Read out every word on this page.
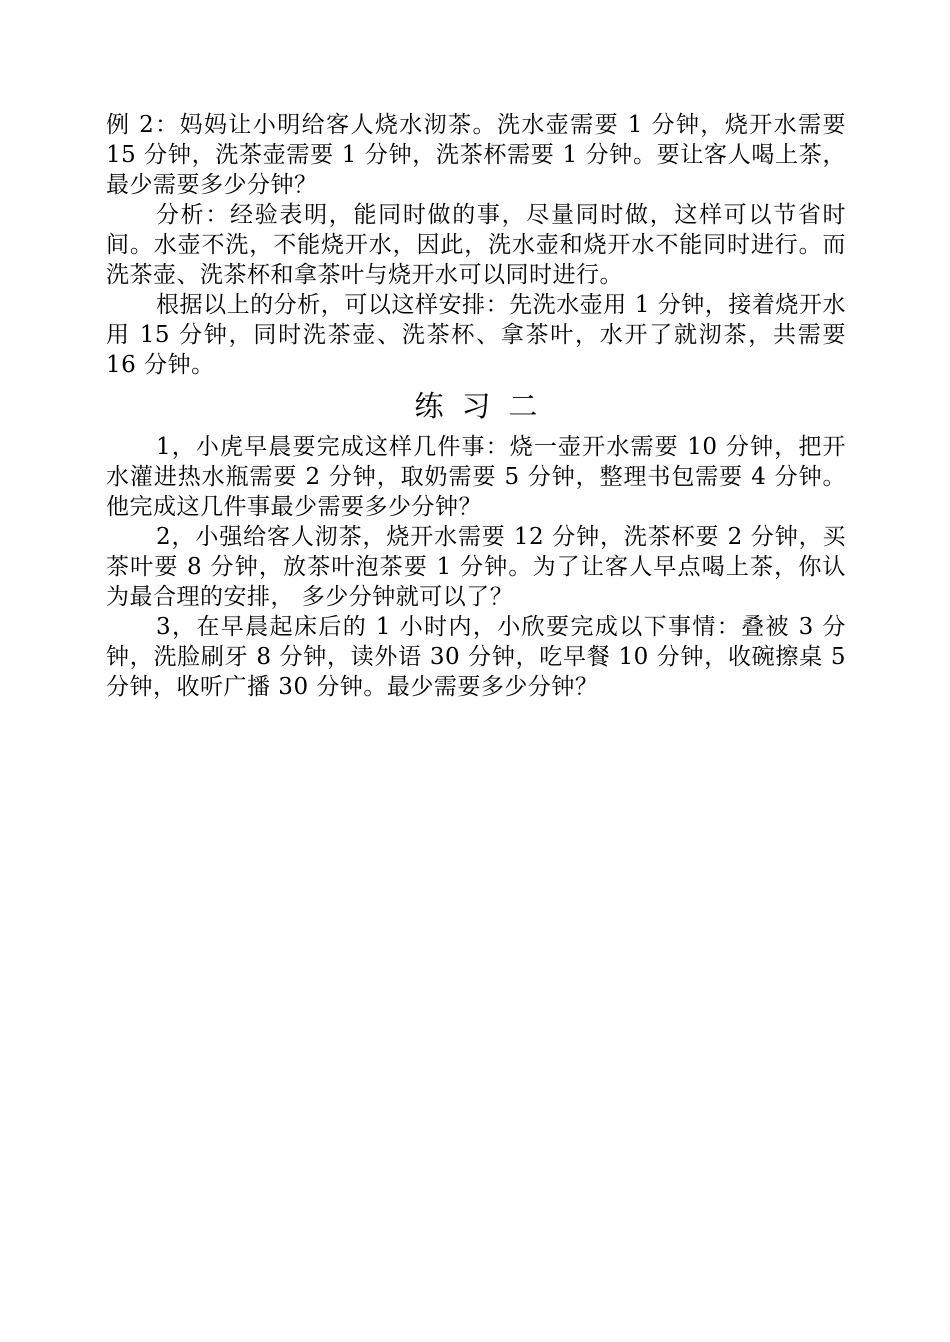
例 2：妈妈让小明给客人烧水沏茶。洗水壶需要 1 分钟，烧开水需要 15 分钟，洗茶壶需要 1 分钟，洗茶杯需要 1 分钟。要让客人喝上茶，最少需要多少分钟？

分析：经验表明，能同时做的事，尽量同时做，这样可以节省时间。水壶不洗，不能烧开水，因此，洗水壶和烧开水不能同时进行。而洗茶壶、洗茶杯和拿茶叶与烧开水可以同时进行。

根据以上的分析，可以这样安排：先洗水壶用 1 分钟，接着烧开水用 15 分钟，同时洗茶壶、洗茶杯、拿茶叶，水开了就沏茶，共需要 16 分钟。

练习二

1，小虎早晨要完成这样几件事：烧一壶开水需要 10 分钟，把开水灌进热水瓶需要 2 分钟，取奶需要 5 分钟，整理书包需要 4 分钟。他完成这几件事最少需要多少分钟？

2，小强给客人沏茶，烧开水需要 12 分钟，洗茶杯要 2 分钟，买茶叶要 8 分钟，放茶叶泡茶要 1 分钟。为了让客人早点喝上茶，你认为最合理的安排， 多少分钟就可以了？

3，在早晨起床后的 1 小时内，小欣要完成以下事情：叠被 3 分钟，洗脸刷牙 8 分钟，读外语 30 分钟，吃早餐 10 分钟，收碗擦桌 5 分钟，收听广播 30 分钟。最少需要多少分钟？
